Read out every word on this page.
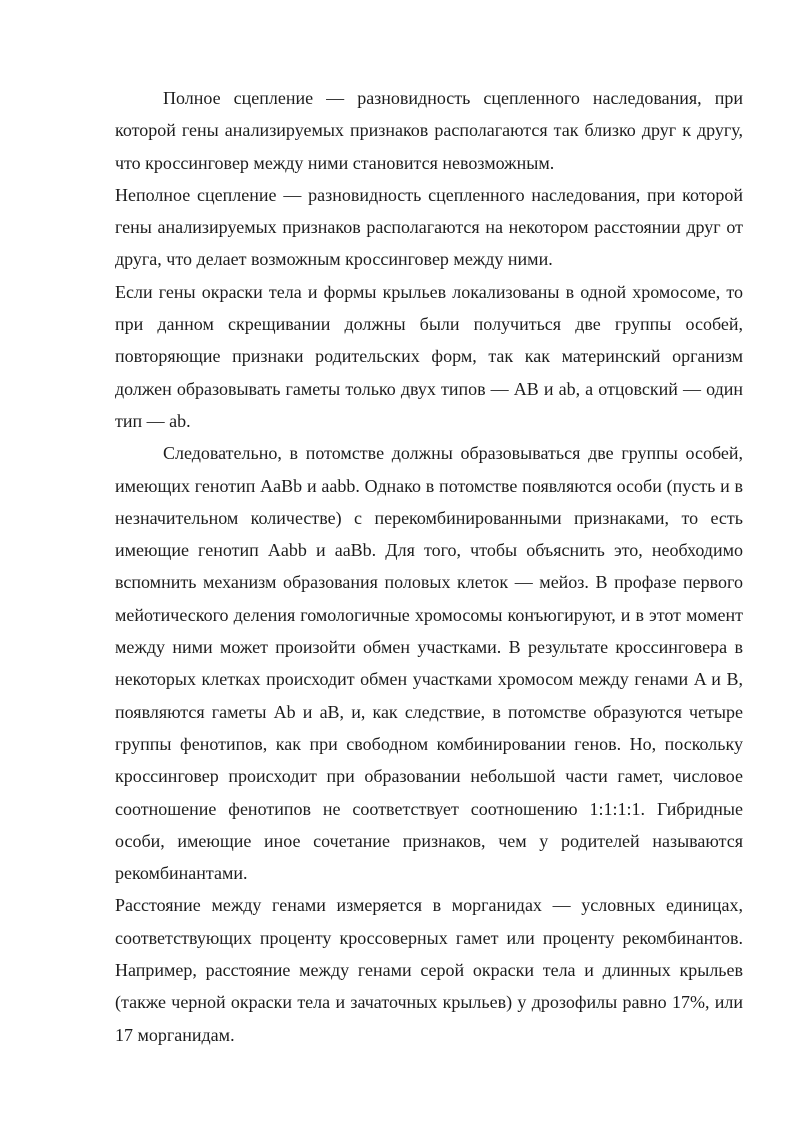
Полное сцепление — разновидность сцепленного наследования, при которой гены анализируемых признаков располагаются так близко друг к другу, что кроссинговер между ними становится невозможным.

Неполное сцепление — разновидность сцепленного наследования, при которой гены анализируемых признаков располагаются на некотором расстоянии друг от друга, что делает возможным кроссинговер между ними.

Если гены окраски тела и формы крыльев локализованы в одной хромосоме, то при данном скрещивании должны были получиться две группы особей, повторяющие признаки родительских форм, так как материнский организм должен образовывать гаметы только двух типов — AB и ab, а отцовский — один тип — ab.

Следовательно, в потомстве должны образовываться две группы особей, имеющих генотип AaBb и aabb. Однако в потомстве появляются особи (пусть и в незначительном количестве) с перекомбинированными признаками, то есть имеющие генотип Aabb и aaBb. Для того, чтобы объяснить это, необходимо вспомнить механизм образования половых клеток — мейоз. В профазе первого мейотического деления гомологичные хромосомы конъюгируют, и в этот момент между ними может произойти обмен участками. В результате кроссинговера в некоторых клетках происходит обмен участками хромосом между генами A и B, появляются гаметы Ab и aB, и, как следствие, в потомстве образуются четыре группы фенотипов, как при свободном комбинировании генов. Но, поскольку кроссинговер происходит при образовании небольшой части гамет, числовое соотношение фенотипов не соответствует соотношению 1:1:1:1. Гибридные особи, имеющие иное сочетание признаков, чем у родителей называются рекомбинантами.

Расстояние между генами измеряется в морганидах — условных единицах, соответствующих проценту кроссоверных гамет или проценту рекомбинантов. Например, расстояние между генами серой окраски тела и длинных крыльев (также черной окраски тела и зачаточных крыльев) у дрозофилы равно 17%, или 17 морганидам.
